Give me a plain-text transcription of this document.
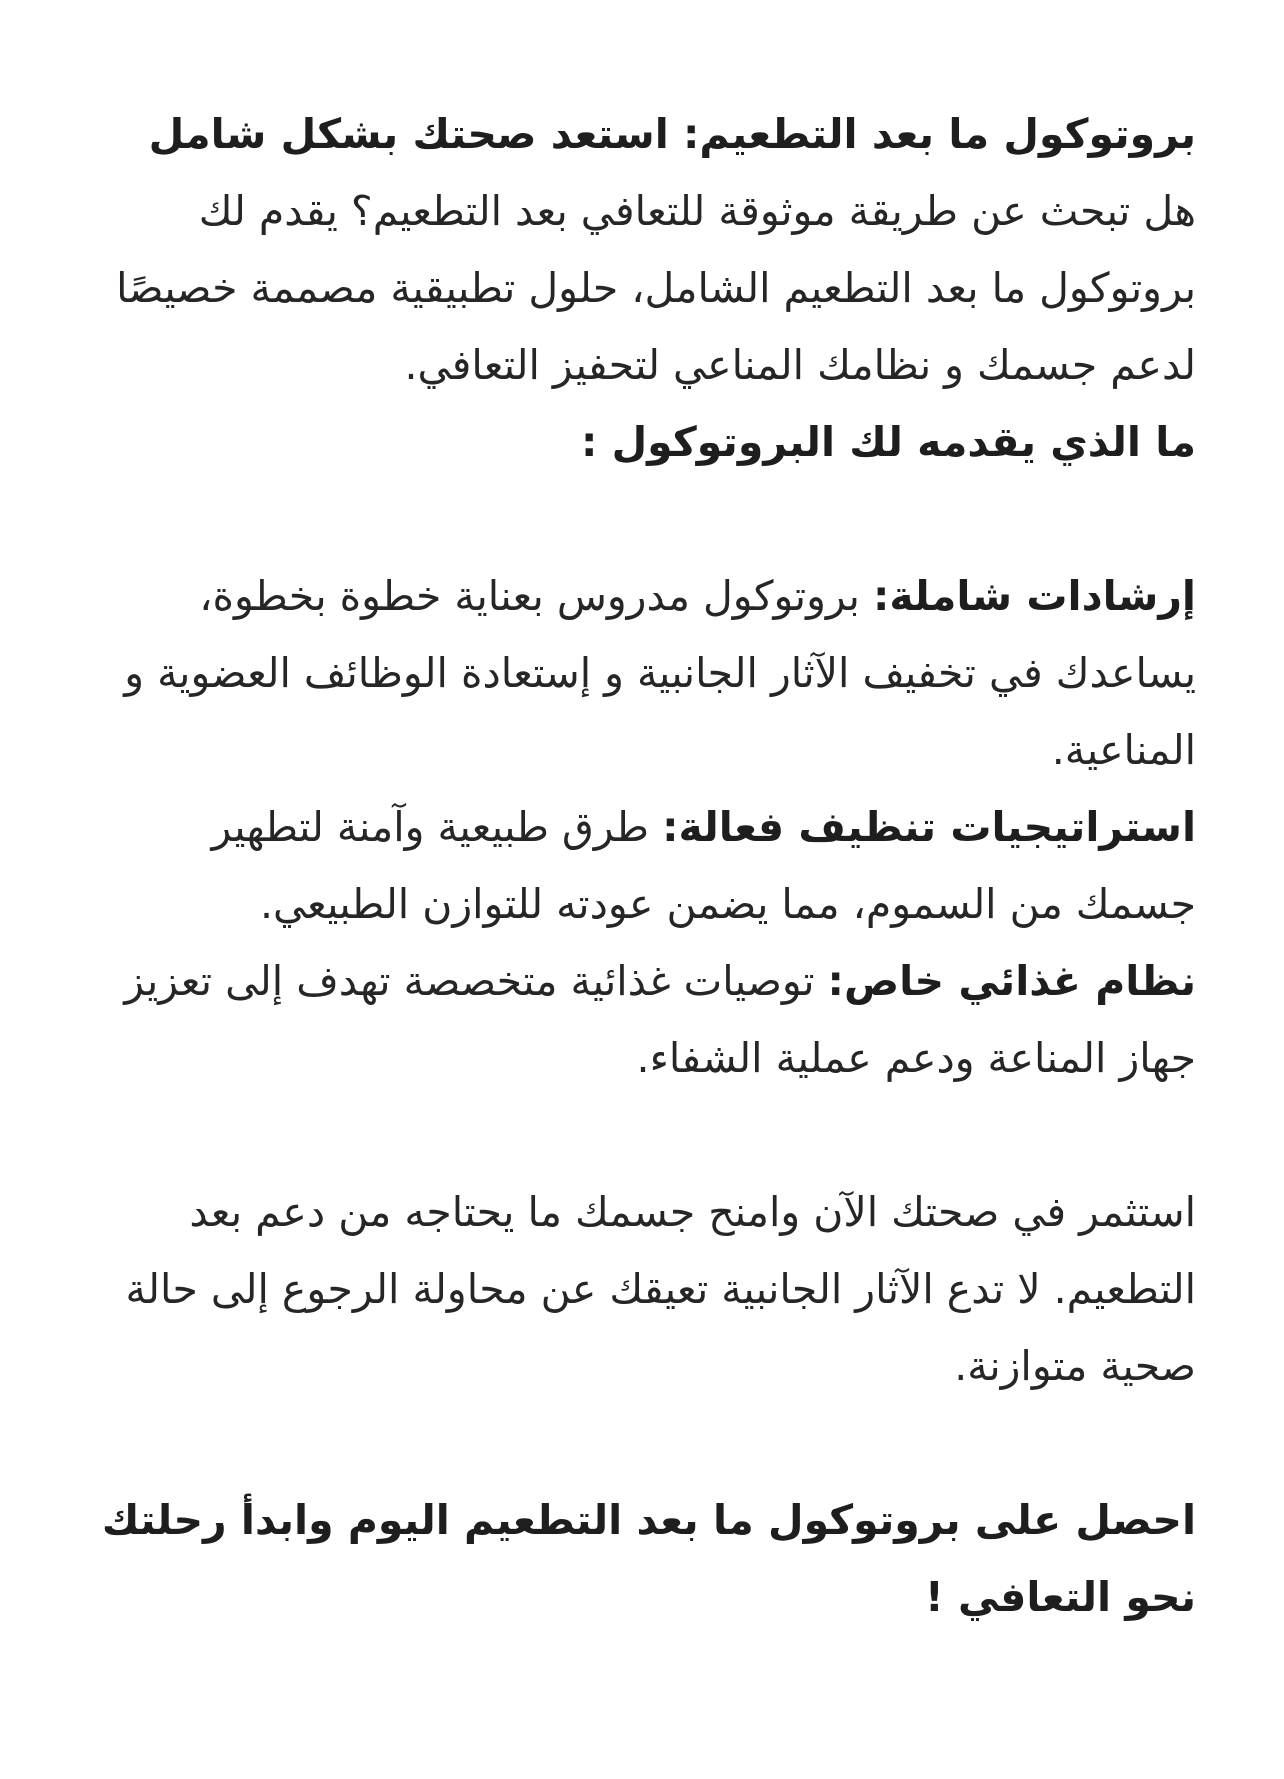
بروتوكول ما بعد التطعيم: استعد صحتك بشكل شامل

هل تبحث عن طريقة موثوقة للتعافي بعد التطعيم؟ يقدم لك بروتوكول ما بعد التطعيم الشامل، حلول تطبيقية مصممة خصيصًا لدعم جسمك و نظامك المناعي لتحفيز التعافي.

ما الذي يقدمه لك البروتوكول :

إرشادات شاملة: بروتوكول مدروس بعناية خطوة بخطوة، يساعدك في تخفيف الآثار الجانبية و إستعادة الوظائف العضوية و المناعية.

استراتيجيات تنظيف فعالة: طرق طبيعية وآمنة لتطهير جسمك من السموم، مما يضمن عودته للتوازن الطبيعي.

نظام غذائي خاص: توصيات غذائية متخصصة تهدف إلى تعزيز جهاز المناعة ودعم عملية الشفاء.

استثمر في صحتك الآن وامنح جسمك ما يحتاجه من دعم بعد التطعيم. لا تدع الآثار الجانبية تعيقك عن محاولة الرجوع إلى حالة صحية متوازنة.

احصل على بروتوكول ما بعد التطعيم اليوم وابدأ رحلتك نحو التعافي !
